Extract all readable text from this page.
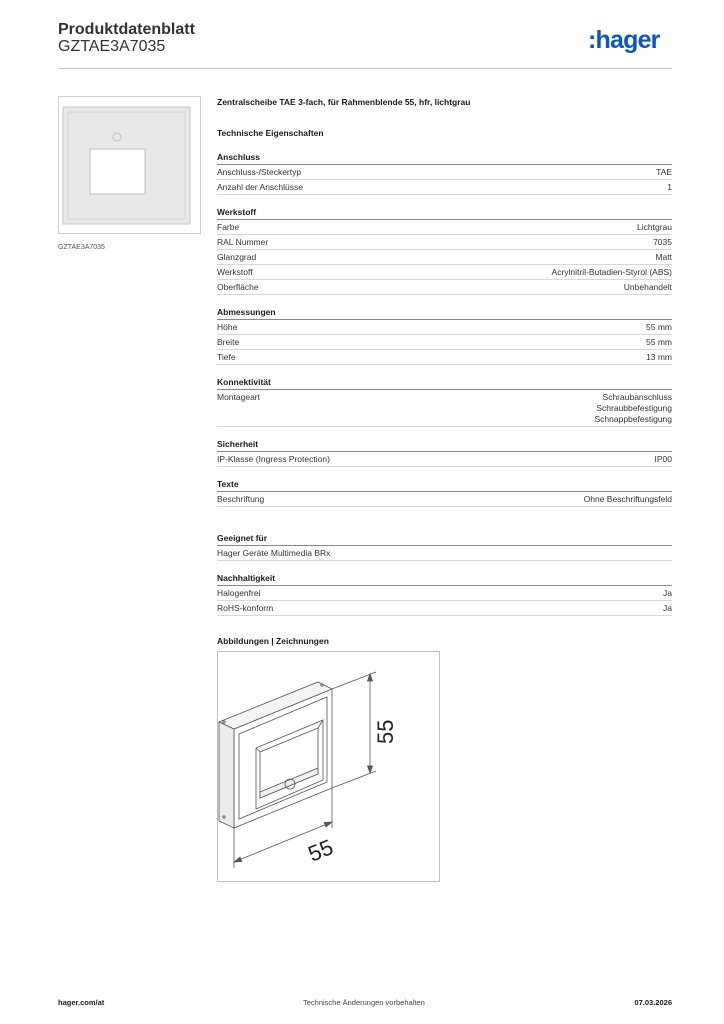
Produktdatenblatt
GZTAE3A7035	:hager
GZTAE3A7035
Zentralscheibe TAE 3-fach, für Rahmenblende 55, hfr, lichtgrau
Technische Eigenschaften
Anschluss
Anschluss-/Steckertyp	TAE
Anzahl der Anschlüsse	1
Werkstoff
Farbe	Lichtgrau
RAL Nummer	7035
Glanzgrad	Matt
Werkstoff	Acrylnitril-Butadien-Styrol (ABS)
Oberfläche	Unbehandelt
Abmessungen
Höhe	55 mm
Breite	55 mm
Tiefe	13 mm
Konnektivität
Montageart	Schraubanschluss
Schraubbefestigung
Schnappbefestigung
Sicherheit
IP-Klasse (Ingress Protection)	IP00
Texte
Beschriftung	Ohne Beschriftungsfeld
Geeignet für
Hager Geräte Multimedia BRx
Nachhaltigkeit
Halogenfrei	Ja
RoHS-konform	Ja
Abbildungen | Zeichnungen
55
55
hager.com/at	Technische Änderungen vorbehalten	07.03.2026
